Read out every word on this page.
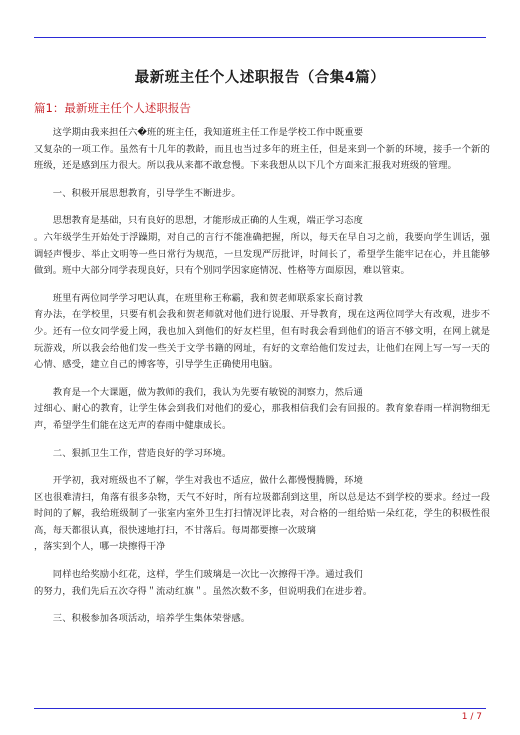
最新班主任个人述职报告（合集4篇）
篇1：最新班主任个人述职报告

　　这学期由我来担任六�班的班主任，我知道班主任工作是学校工作中既重要
又复杂的一项工作。虽然有十几年的教龄，而且也当过多年的班主任，但是来到一个新的环境，接手一个新的班级，还是感到压力很大。所以我从来都不敢怠慢。下来我想从以下几个方面来汇报我对班级的管理。

　　一、积极开展思想教育，引导学生不断进步。

　　思想教育是基础，只有良好的思想，才能形成正确的人生观，端正学习态度
。六年级学生开始处于浮躁期，对自己的言行不能准确把握，所以，每天在早自习之前，我要向学生训话，强调轻声慢步、举止文明等一些日常行为规范，一旦发现严厉批评，时间长了，希望学生能牢记在心，并且能够做到。班中大部分同学表现良好，只有个别同学因家庭情况、性格等方面原因，难以管束。

　　班里有两位同学学习吧认真，在班里称王称霸，我和贺老师联系家长商讨教
育办法，在学校里，只要有机会我和贺老师就对他们进行说服、开导教育，现在这两位同学大有改观，进步不少。还有一位女同学爱上网，我也加入到他们的好友栏里，但有时我会看到他们的语言不够文明，在网上就是玩游戏，所以我会给他们发一些关于文学书籍的网址，有好的文章给他们发过去，让他们在网上写一写一天的心情、感受，建立自己的博客等，引导学生正确使用电脑。

　　教育是一个大课题，做为教师的我们，我认为先要有敏锐的洞察力，然后通
过细心、耐心的教育，让学生体会到我们对他们的爱心，那我相信我们会有回报的。教育象春雨一样润物细无声，希望学生们能在这无声的春雨中健康成长。

　　二、狠抓卫生工作，营造良好的学习环境。

　　开学初，我对班级也不了解，学生对我也不适应，做什么都慢慢腾腾，环境
区也很难清扫，角落有很多杂物，天气不好时，所有垃圾都刮到这里，所以总是达不到学校的要求。经过一段时间的了解，我给班级制了一张室内室外卫生打扫情况评比表，对合格的一组给贴一朵红花，学生的积极性很高，每天都很认真，很快速地打扫，不甘落后。每周都要擦一次玻璃
，落实到个人，哪一块擦得干净

　　同样也给奖励小红花，这样，学生们玻璃是一次比一次擦得干净。通过我们
的努力，我们先后五次夺得＂流动红旗＂。虽然次数不多，但说明我们在进步着。

　　三、积极参加各项活动，培养学生集体荣誉感。

1 / 7
